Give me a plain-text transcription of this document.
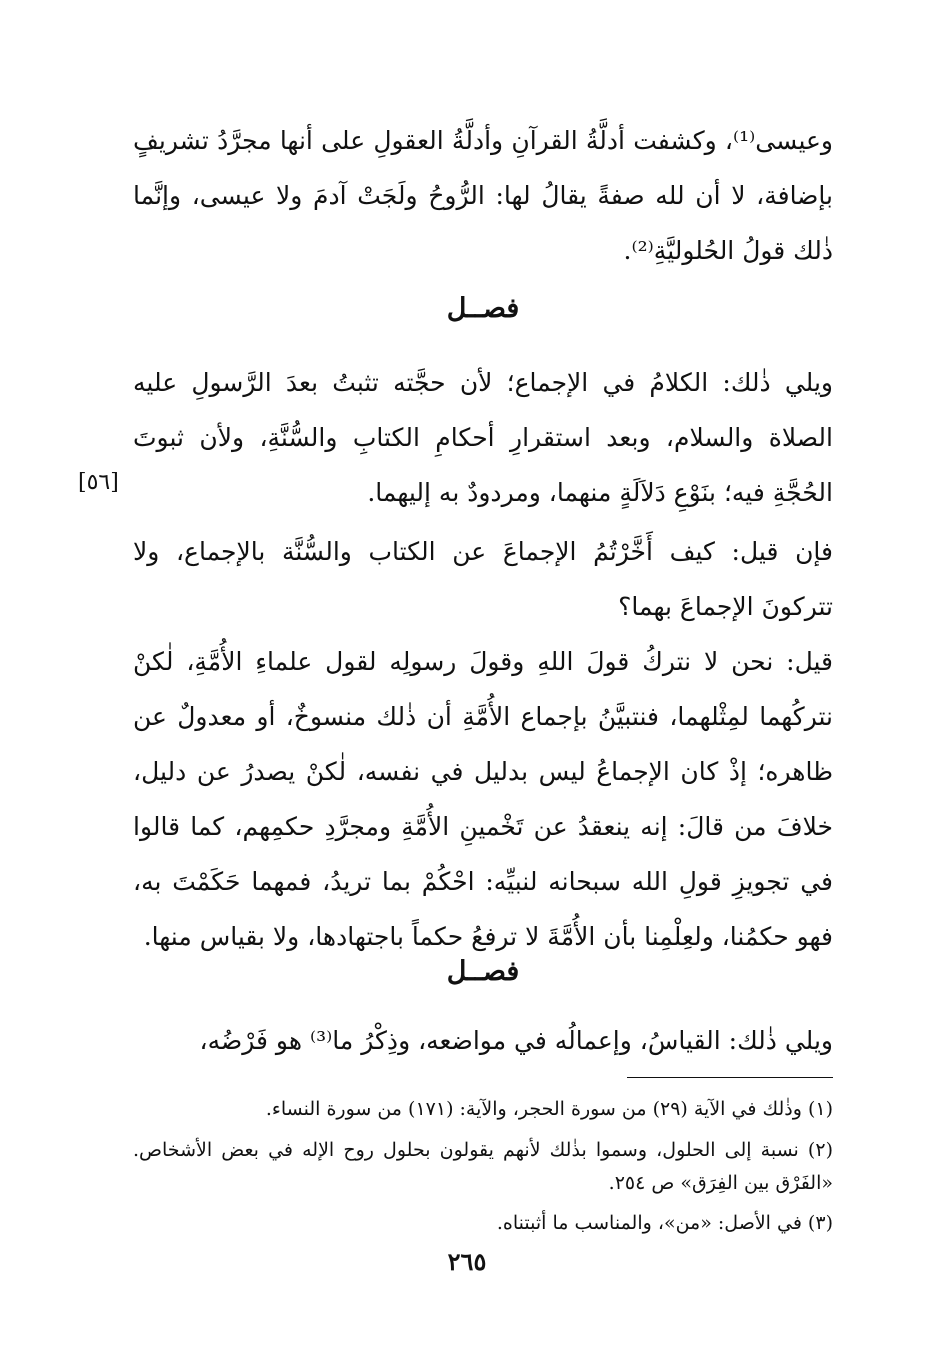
وعيسى⁽¹⁾، وكشفت أدلَّةُ القرآنِ وأدلَّةُ العقولِ على أنها مجرَّدُ تشريفٍ بإضافة، لا أن لله صفةً يقالُ لها: الرُّوحُ ولَجَتْ آدمَ ولا عيسى، وإنَّما ذٰلك قولُ الحُلوليَّةِ⁽²⁾.

فصــل

ويلي ذٰلك: الكلامُ في الإجماع؛ لأن حجَّته تثبتُ بعدَ الرَّسولِ عليه الصلاة والسلام، وبعد استقرارِ أحكامِ الكتابِ والسُّنَّةِ، ولأن ثبوتَ الحُجَّةِ فيه؛ بنَوْعِ دَلاَلَةٍ منهما، ومردودٌ به إليهما.

[٥٦]

فإن قيل: كيف أَخَّرْتُمُ الإجماعَ عن الكتاب والسُّنَّة بالإجماع، ولا تتركونَ الإجماعَ بهما؟

قيل: نحن لا نتركُ قولَ اللهِ وقولَ رسولِه لقول علماءِ الأُمَّةِ، لٰكنْ نتركُهما لمِثْلهما، فنتبيَّنُ بإجماع الأُمَّةِ أن ذٰلك منسوخٌ، أو معدولٌ عن ظاهره؛ إذْ كان الإجماعُ ليس بدليل في نفسه، لٰكنْ يصدرُ عن دليل، خلافَ من قالَ: إنه ينعقدُ عن تَخْمينِ الأُمَّةِ ومجرَّدِ حكمِهم، كما قالوا في تجويزِ قولِ الله سبحانه لنبيِّه: احْكُمْ بما تريدُ، فمهما حَكَمْتَ به، فهو حكمُنا، ولعِلْمِنا بأن الأُمَّةَ لا ترفعُ حكماً باجتهادها، ولا بقياس منها.

فصــل

ويلي ذٰلك: القياسُ، وإعمالُه في مواضعه، وذِكْرُ ما⁽³⁾ هو فَرْضُه،

(١) وذٰلك في الآية (٢٩) من سورة الحجر، والآية: (١٧١) من سورة النساء.

(٢) نسبة إلى الحلول، وسموا بذٰلك لأنهم يقولون بحلول روح الإله في بعض الأشخاص. «الفَرْق بين الفِرَق» ص ٢٥٤.

(٣) في الأصل: «من»، والمناسب ما أثبتناه.

٢٦٥
